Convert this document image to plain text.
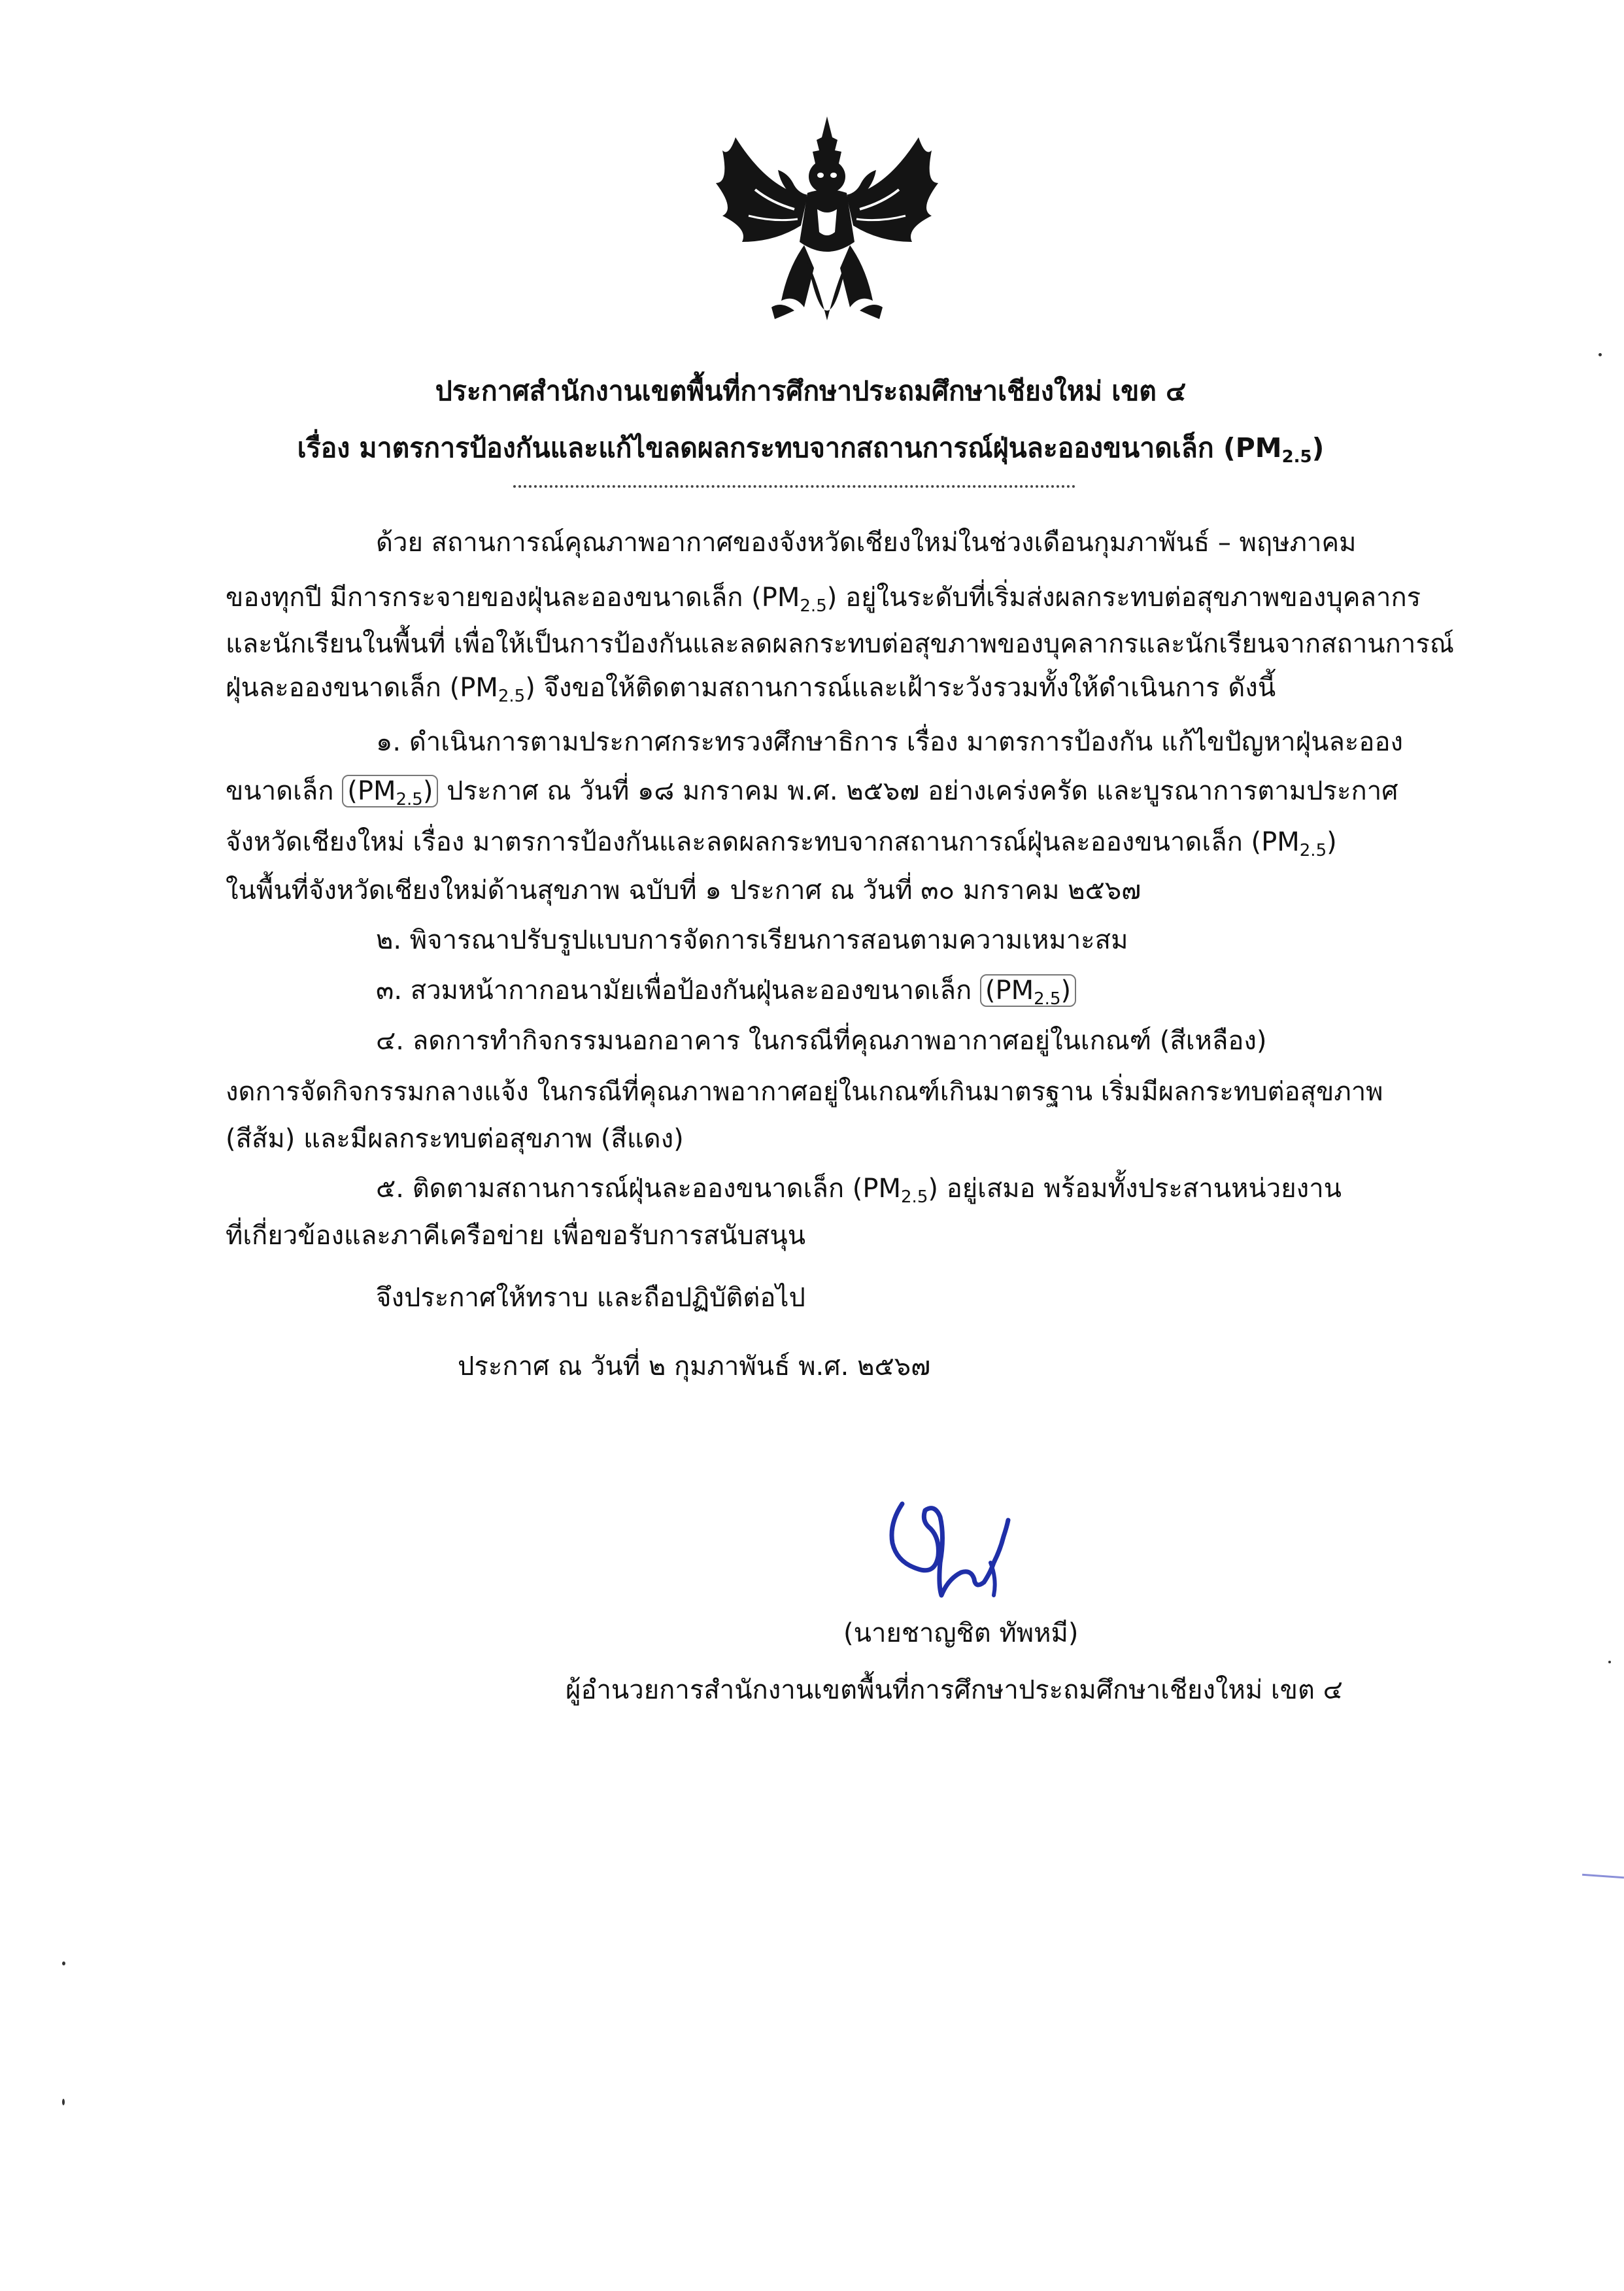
ประกาศสำนักงานเขตพื้นที่การศึกษาประถมศึกษาเชียงใหม่ เขต ๔
เรื่อง มาตรการป้องกันและแก้ไขลดผลกระทบจากสถานการณ์ฝุ่นละอองขนาดเล็ก $(PM_{2.5})$
ด้วย สถานการณ์คุณภาพอากาศของจังหวัดเชียงใหม่ในช่วงเดือนกุมภาพันธ์ – พฤษภาคม
ของทุกปี มีการกระจายของฝุ่นละอองขนาดเล็ก $(PM_{2.5})$ อยู่ในระดับที่เริ่มส่งผลกระทบต่อสุขภาพของบุคลากร
และนักเรียนในพื้นที่ เพื่อให้เป็นการป้องกันและลดผลกระทบต่อสุขภาพของบุคลากรและนักเรียนจากสถานการณ์
ฝุ่นละอองขนาดเล็ก $(PM_{2.5})$ จึงขอให้ติดตามสถานการณ์และเฝ้าระวังรวมทั้งให้ดำเนินการ ดังนี้
๑. ดำเนินการตามประกาศกระทรวงศึกษาธิการ เรื่อง มาตรการป้องกัน แก้ไขปัญหาฝุ่นละออง
ขนาดเล็ก $(PM_{2.5})$ ประกาศ ณ วันที่ ๑๘ มกราคม พ.ศ. ๒๕๖๗ อย่างเคร่งครัด และบูรณาการตามประกาศ
จังหวัดเชียงใหม่ เรื่อง มาตรการป้องกันและลดผลกระทบจากสถานการณ์ฝุ่นละอองขนาดเล็ก $(PM_{2.5})$
ในพื้นที่จังหวัดเชียงใหม่ด้านสุขภาพ ฉบับที่ ๑ ประกาศ ณ วันที่ ๓๐ มกราคม ๒๕๖๗
๒. พิจารณาปรับรูปแบบการจัดการเรียนการสอนตามความเหมาะสม
๓. สวมหน้ากากอนามัยเพื่อป้องกันฝุ่นละอองขนาดเล็ก $(PM_{2.5})$
๔. ลดการทำกิจกรรมนอกอาคาร ในกรณีที่คุณภาพอากาศอยู่ในเกณฑ์ (สีเหลือง)
งดการจัดกิจกรรมกลางแจ้ง ในกรณีที่คุณภาพอากาศอยู่ในเกณฑ์เกินมาตรฐาน เริ่มมีผลกระทบต่อสุขภาพ
(สีส้ม) และมีผลกระทบต่อสุขภาพ (สีแดง)
๕. ติดตามสถานการณ์ฝุ่นละอองขนาดเล็ก $(PM_{2.5})$ อยู่เสมอ พร้อมทั้งประสานหน่วยงาน
ที่เกี่ยวข้องและภาคีเครือข่าย เพื่อขอรับการสนับสนุน
จึงประกาศให้ทราบ และถือปฏิบัติต่อไป
ประกาศ ณ วันที่ ๒ กุมภาพันธ์ พ.ศ. ๒๕๖๗
(นายชาญชิต ทัพหมี)
ผู้อำนวยการสำนักงานเขตพื้นที่การศึกษาประถมศึกษาเชียงใหม่ เขต ๔
